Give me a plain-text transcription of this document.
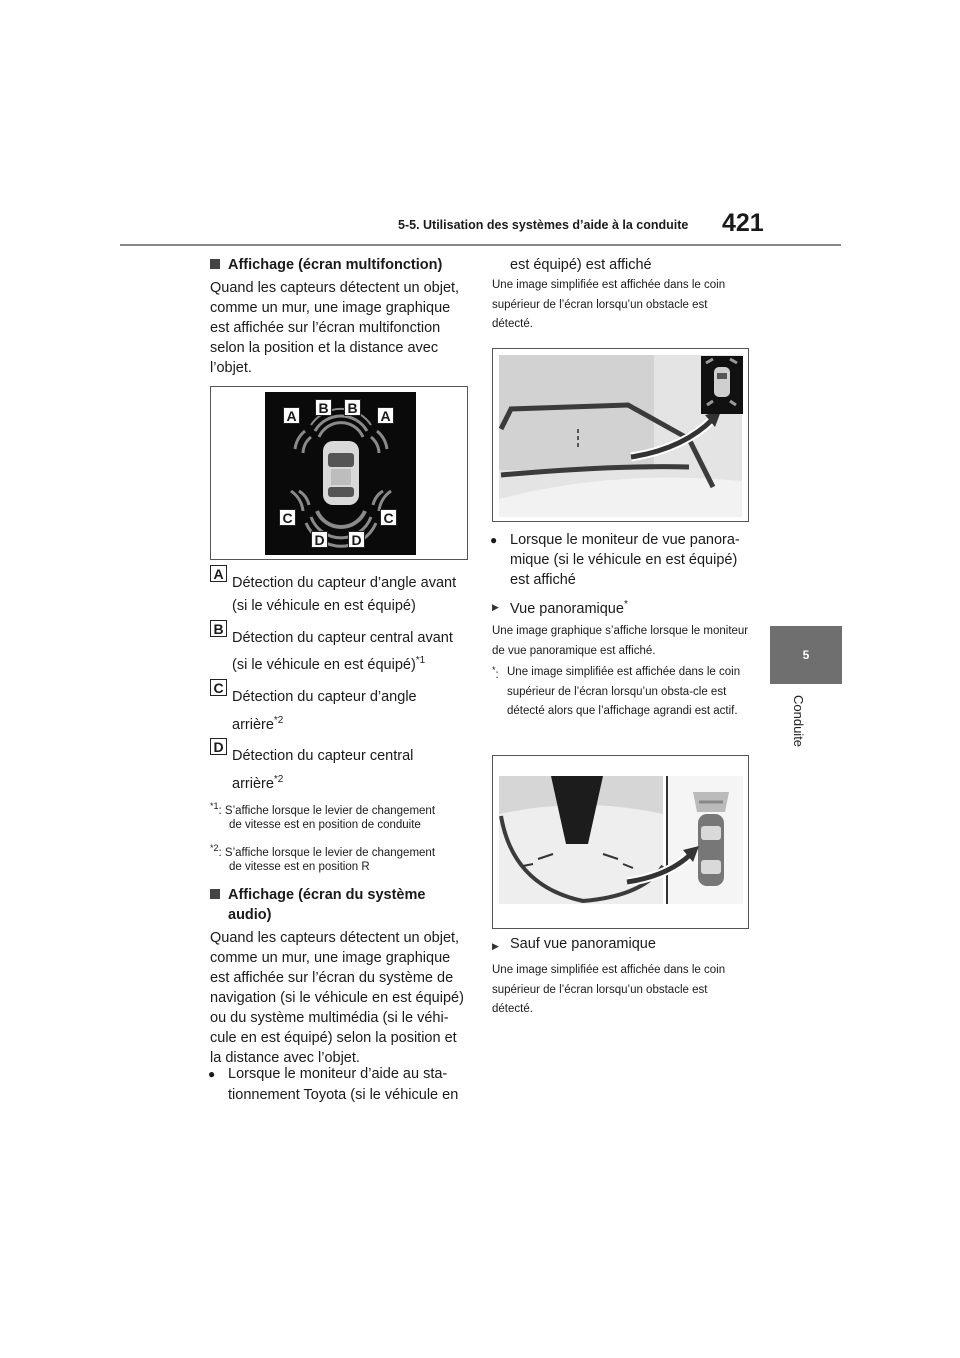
5-5. Utilisation des systèmes d’aide à la conduite 421
5
Conduite
Affichage (écran multifonction)
Quand les capteurs détectent un objet, comme un mur, une image graphique est affichée sur l’écran multifonction selon la position et la distance avec l’objet.
A B B A
C	C
D D
A
Détection du capteur d’angle avant
(si le véhicule en est équipé)
B
Détection du capteur central avant
(si le véhicule en est équipé)$^{*1}$
C
Détection du capteur d’angle
arrière$^{*2}$
D
Détection du capteur central
arrière$^{*2}$
$^{*1}$: S’affiche lorsque le levier de changement
de vitesse est en position de conduite
$^{*2}$: S’affiche lorsque le levier de changement
de vitesse est en position R
Affichage (écran du système
audio)
Quand les capteurs détectent un objet, comme un mur, une image graphique est affichée sur l’écran du système de navigation (si le véhicule en est équipé) ou du système multimédia (si le véhi-cule en est équipé) selon la position et la distance avec l’objet.
● Lorsque le moniteur d’aide au sta-
tionnement Toyota (si le véhicule en
est équipé) est affiché
Une image simplifiée est affichée dans le coin supérieur de l’écran lorsqu’un obstacle est détecté.
● Lorsque le moniteur de vue panora-mique (si le véhicule en est équipé) est affiché
▶ Vue panoramique*
Une image graphique s’affiche lorsque le moniteur de vue panoramique est affiché.
*: Une image simplifiée est affichée dans le coin supérieur de l’écran lorsqu’un obsta-cle est détecté alors que l’affichage agrandi est actif.
▶ Sauf vue panoramique
Une image simplifiée est affichée dans le coin supérieur de l’écran lorsqu’un obstacle est détecté.
